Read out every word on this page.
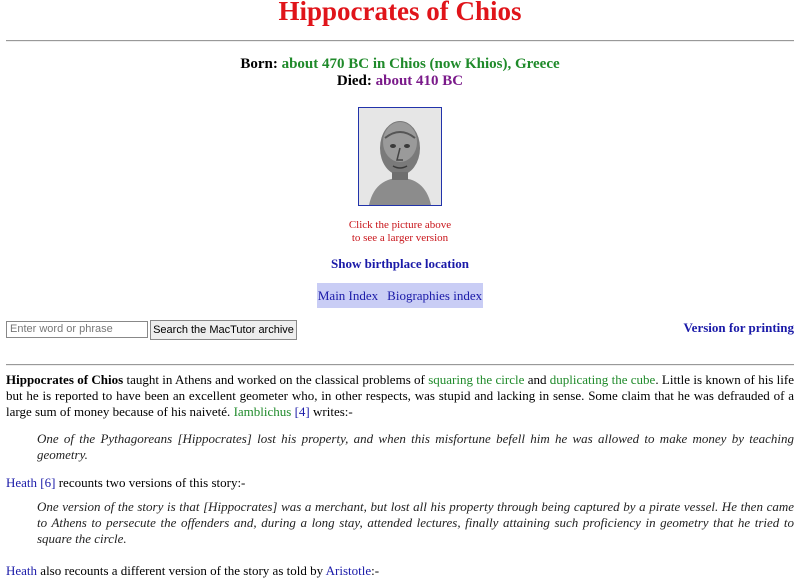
Hippocrates of Chios
Born: about 470 BC in Chios (now Khios), Greece
Died: about 410 BC
Click the picture above
to see a larger version
Show birthplace location
Main Index Biographies index
Enter word or phrase	Search the MacTutor archive	Version for printing

Hippocrates of Chios taught in Athens and worked on the classical problems of squaring the circle and duplicating the cube. Little is known of his life but he is reported to have been an excellent geometer who, in other respects, was stupid and lacking in sense. Some claim that he was defrauded of a large sum of money because of his naiveté. Iamblichus [4] writes:-

One of the Pythagoreans [Hippocrates] lost his property, and when this misfortune befell him he was allowed to make money by teaching geometry.

Heath [6] recounts two versions of this story:-

One version of the story is that [Hippocrates] was a merchant, but lost all his property through being captured by a pirate vessel. He then came to Athens to persecute the offenders and, during a long stay, attended lectures, finally attaining such proficiency in geometry that he tried to square the circle.

Heath also recounts a different version of the story as told by Aristotle:-
